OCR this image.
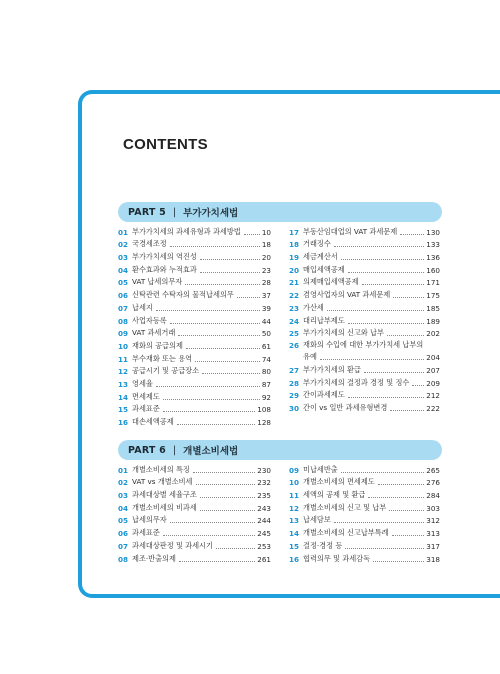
CONTENTS
PART 5 | 부가가치세법
01 부가가치세의 과세유형과 과세방법	10
02 국경세조정	18
03 부가가치세의 역진성	20
04 환수효과와 누적효과	23
05 VAT 납세의무자	28
06 신탁관련 수탁자의 물적납세의무	37
07 납세지	39
08 사업자등록	44
09 VAT 과세거래	50
10 재화의 공급의제	61
11 부수재화 또는 용역	74
12 공급시기 및 공급장소	80
13 영세율	87
14 면세제도	92
15 과세표준	108
16 대손세액공제	128
17 부동산임대업의 VAT 과세문제	130
18 거래징수	133
19 세금계산서	136
20 매입세액공제	160
21 의제매입세액공제	171
22 겸영사업자의 VAT 과세문제	175
23 가산세	185
24 대리납부제도	189
25 부가가치세의 신고와 납부	202
26 재화의 수입에 대한 부가가치세 납부의
유예	204
27 부가가치세의 환급	207
28 부가가치세의 결정과 경정 및 징수 209
29 간이과세제도	212
30 간이 vs 일반 과세유형변경	222
PART 6 | 개별소비세법
01 개별소비세의 특징	230
02 VAT vs 개별소비세	232
03 과세대상별 세율구조	235
04 개별소비세의 비과세	243
05 납세의무자	244
06 과세표준	245
07 과세대상판정 및 과세시기	253
08 제조·반출의제	261
09 미납세반출	265
10 개별소비세의 면세제도	276
11 세액의 공제 및 환급	284
12 개별소비세의 신고 및 납부	303
13 납세담보	312
14 개별소비세의 신고납부특례	313
15 결정·경정 등	317
16 협력의무 및 과세감독	318
